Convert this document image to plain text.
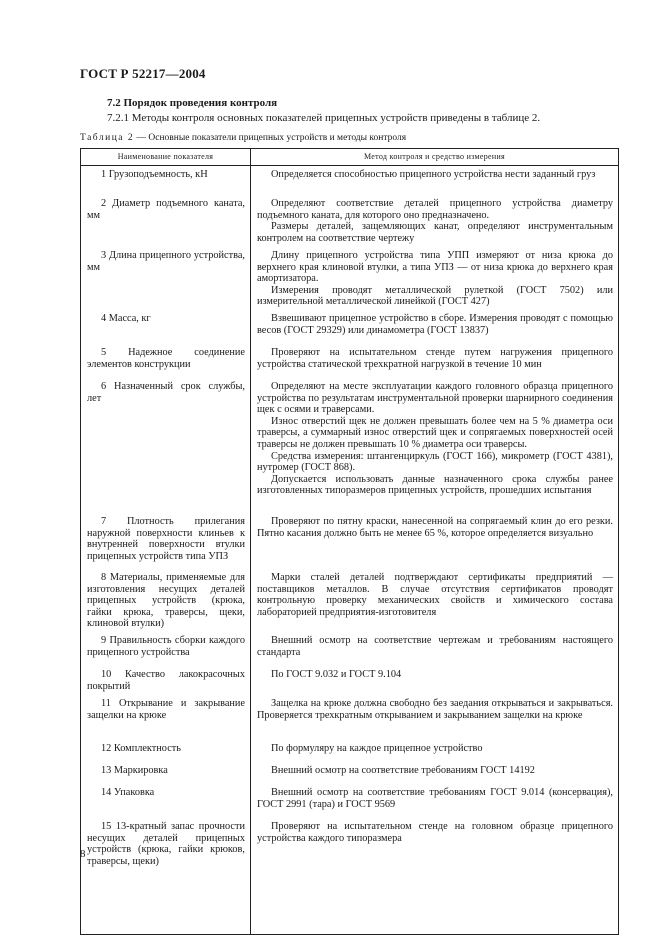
ГОСТ Р 52217—2004
7.2 Порядок проведения контроля
7.2.1 Методы контроля основных показателей прицепных устройств приведены в таблице 2.
Таблица 2 — Основные показатели прицепных устройств и методы контроля
Наименование показателя	Метод контроля и средство измерения

1 Грузоподъемность, кН	Определяется способностью прицепного устройства нести заданный груз

2 Диаметр подъемного каната, мм	Определяют соответствие деталей прицепного устройства диаметру подъемного каната, для которого оно предназначено.

Размеры деталей, защемляющих канат, определяют инструментальным контролем на соответствие чертежу

3 Длина прицепного устройства, мм	Длину прицепного устройства типа УПП измеряют от низа крюка до верхнего края клиновой втулки, а типа УПЗ — от низа крюка до верхнего края амортизатора.

Измерения проводят металлической рулеткой (ГОСТ 7502) или измерительной металлической линейкой (ГОСТ 427)

4 Масса, кг	Взвешивают прицепное устройство в сборе. Измерения проводят с помощью весов (ГОСТ 29329) или динамометра (ГОСТ 13837)

5 Надежное соединение элементов конструкции	Проверяют на испытательном стенде путем нагружения прицепного устройства статической трехкратной нагрузкой в течение 10 мин

6 Назначенный срок службы, лет	Определяют на месте эксплуатации каждого головного образца прицепного устройства по результатам инструментальной проверки шарнирного соединения щек с осями и траверсами.

Износ отверстий щек не должен превышать более чем на 5 % диаметра оси траверсы, а суммарный износ отверстий щек и сопрягаемых поверхностей осей траверсы не должен превышать 10 % диаметра оси траверсы.

Средства измерения: штангенциркуль (ГОСТ 166), микрометр (ГОСТ 4381), нутромер (ГОСТ 868).

Допускается использовать данные назначенного срока службы ранее изготовленных типоразмеров прицепных устройств, прошедших испытания

7 Плотность прилегания наружной поверхности клиньев к внутренней поверхности втулки прицепных устройств типа УПЗ	Проверяют по пятну краски, нанесенной на сопрягаемый клин до его резки. Пятно касания должно быть не менее 65 %, которое определяется визуально

8 Материалы, применяемые для изготовления несущих деталей прицепных устройств (крюка, гайки крюка, траверсы, щеки, клиновой втулки)	Марки сталей деталей подтверждают сертификаты предприятий — поставщиков металлов. В случае отсутствия сертификатов проводят контрольную проверку механических свойств и химического состава лабораторией предприятия-изготовителя

9 Правильность сборки каждого прицепного устройства	Внешний осмотр на соответствие чертежам и требованиям настоящего стандарта

10 Качество лакокрасочных покрытий	По ГОСТ 9.032 и ГОСТ 9.104

11 Открывание и закрывание защелки на крюке	Защелка на крюке должна свободно без заедания открываться и закрываться. Проверяется трехкратным открыванием и закрыванием защелки на крюке

12 Комплектность	По формуляру на каждое прицепное устройство

13 Маркировка	Внешний осмотр на соответствие требованиям ГОСТ 14192

14 Упаковка	Внешний осмотр на соответствие требованиям ГОСТ 9.014 (консервация), ГОСТ 2991 (тара) и ГОСТ 9569

15 13-кратный запас прочности несущих деталей прицепных устройств (крюка, гайки крюков, траверсы, щеки)	Проверяют на испытательном стенде на головном образце прицепного устройства каждого типоразмера

8
